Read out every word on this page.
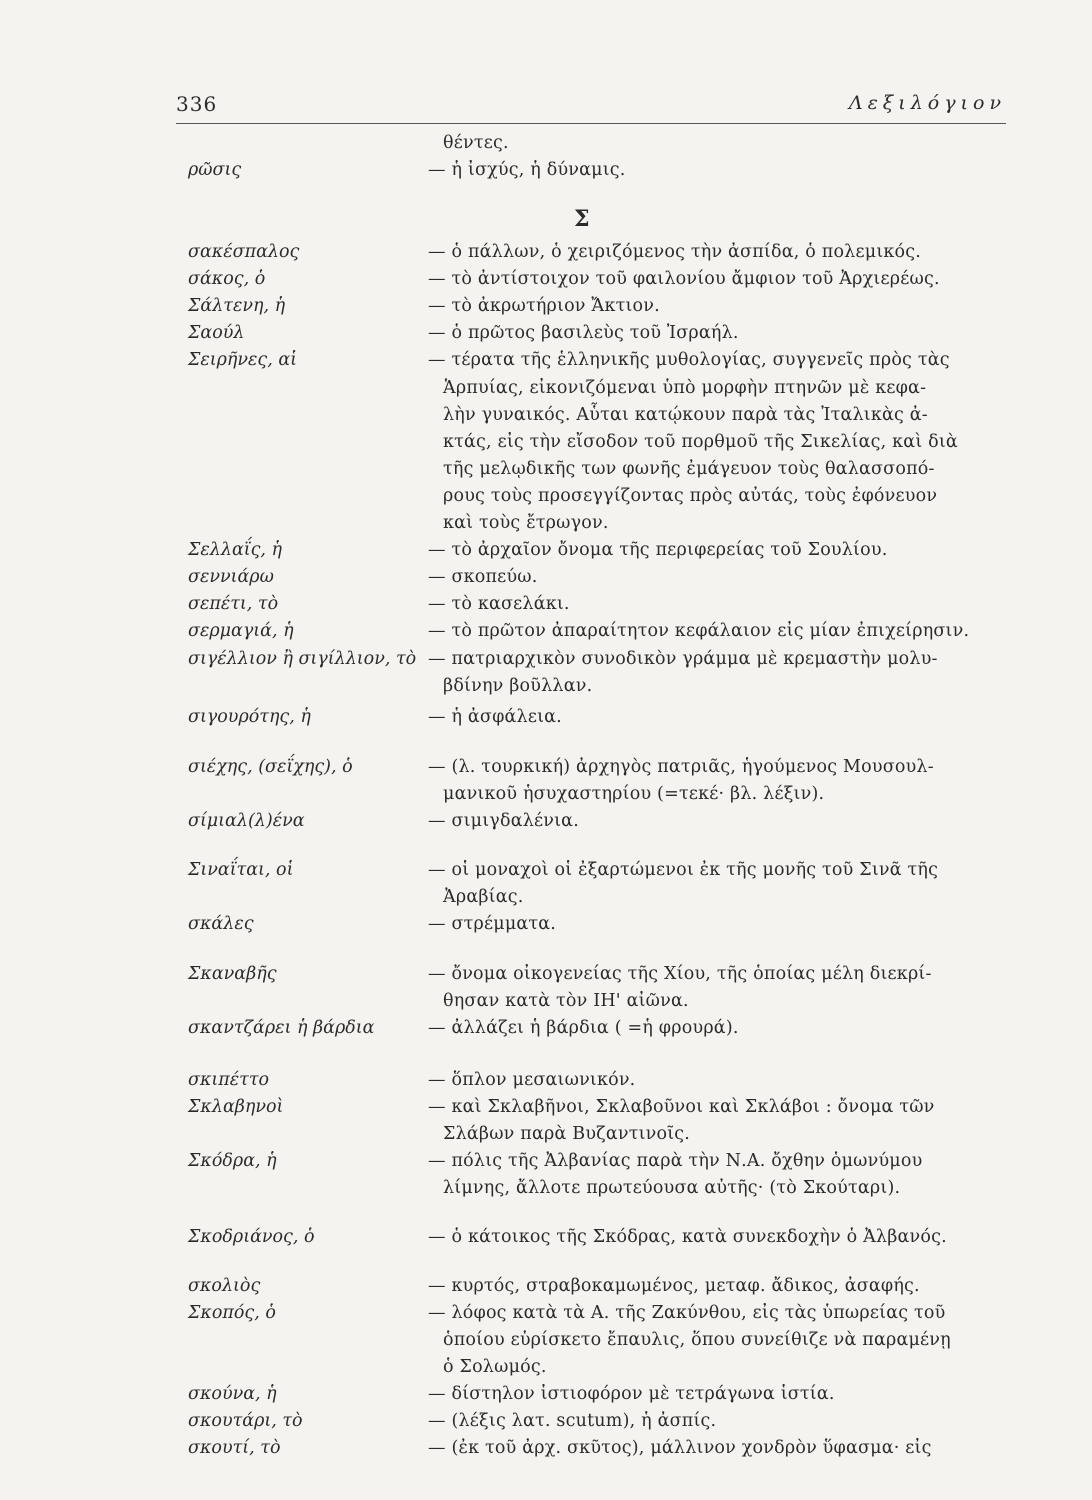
336	Λεξιλόγιον
θέντες.
ρῶσις	— ἡ ἰσχύς, ἡ δύναμις.
Σ
σακέσπαλος	— ὁ πάλλων, ὁ χειριζόμενος τὴν ἀσπίδα, ὁ πολεμικός.
σάκος, ὁ	— τὸ ἀντίστοιχον τοῦ φαιλονίου ἄμφιον τοῦ Ἀρχιερέως.
Σάλτενη, ἡ	— τὸ ἀκρωτήριον Ἄκτιον.
Σαούλ	— ὁ πρῶτος βασιλεὺς τοῦ Ἰσραήλ.
Σειρῆνες, αἱ	— τέρατα τῆς ἑλληνικῆς μυθολογίας, συγγενεῖς πρὸς τὰς
Ἁρπυίας, εἰκονιζόμεναι ὑπὸ μορφὴν πτηνῶν μὲ κεφα-
λὴν γυναικός. Αὗται κατῴκουν παρὰ τὰς Ἰταλικὰς ἀ-
κτάς, εἰς τὴν εἴσοδον τοῦ πορθμοῦ τῆς Σικελίας, καὶ διὰ
τῆς μελῳδικῆς των φωνῆς ἐμάγευον τοὺς θαλασσοπό-
ρους τοὺς προσεγγίζοντας πρὸς αὐτάς, τοὺς ἐφόνευον
καὶ τοὺς ἔτρωγον.
Σελλαΐς, ἡ	— τὸ ἀρχαῖον ὄνομα τῆς περιφερείας τοῦ Σουλίου.
σεννιάρω	— σκοπεύω.
σεπέτι, τὸ	— τὸ κασελάκι.
σερμαγιά, ἡ	— τὸ πρῶτον ἀπαραίτητον κεφάλαιον εἰς μίαν ἐπιχείρησιν.
σιγέλλιον ἢ σιγίλλιον, τὸ — πατριαρχικὸν συνοδικὸν γράμμα μὲ κρεμαστὴν μολυ-
βδίνην βοῦλλαν.
σιγουρότης, ἡ	— ἡ ἀσφάλεια.
σιέχης, (σεΐχης), ὁ	— (λ. τουρκική) ἀρχηγὸς πατριᾶς, ἡγούμενος Μουσουλ-
μανικοῦ ἡσυχαστηρίου (=τεκέ· βλ. λέξιν).
σίμιαλ(λ)ένα	— σιμιγδαλένια.
Σιναΐται, οἱ	— οἱ μοναχοὶ οἱ ἐξαρτώμενοι ἐκ τῆς μονῆς τοῦ Σινᾶ τῆς
Ἀραβίας.
σκάλες	— στρέμματα.
Σκαναβῆς	— ὄνομα οἰκογενείας τῆς Χίου, τῆς ὁποίας μέλη διεκρί-
θησαν κατὰ τὸν ΙΗ' αἰῶνα.
σκαντζάρει ἡ βάρδια	— ἀλλάζει ἡ βάρδια ( =ἡ φρουρά).
σκιπέττο	— ὅπλον μεσαιωνικόν.
Σκλαβηνοὶ	— καὶ Σκλαβῆνοι, Σκλαβοῦνοι καὶ Σκλάβοι : ὄνομα τῶν
Σλάβων παρὰ Βυζαντινοῖς.
Σκόδρα, ἡ	— πόλις τῆς Ἀλβανίας παρὰ τὴν Ν.Α. ὄχθην ὁμωνύμου
λίμνης, ἄλλοτε πρωτεύουσα αὐτῆς· (τὸ Σκούταρι).
Σκοδριάνος, ὁ	— ὁ κάτοικος τῆς Σκόδρας, κατὰ συνεκδοχὴν ὁ Ἀλβανός.
σκολιὸς	— κυρτός, στραβοκαμωμένος, μεταφ. ἄδικος, ἀσαφής.
Σκοπός, ὁ	— λόφος κατὰ τὰ Α. τῆς Ζακύνθου, εἰς τὰς ὑπωρείας τοῦ
ὁποίου εὑρίσκετο ἔπαυλις, ὅπου συνείθιζε νὰ παραμένῃ
ὁ Σολωμός.
σκούνα, ἡ	— δίστηλον ἱστιοφόρον μὲ τετράγωνα ἱστία.
σκουτάρι, τὸ	— (λέξις λατ. scutum), ἡ ἀσπίς.
σκουτί, τὸ	— (ἐκ τοῦ ἀρχ. σκῦτος), μάλλινον χονδρὸν ὕφασμα· εἰς
